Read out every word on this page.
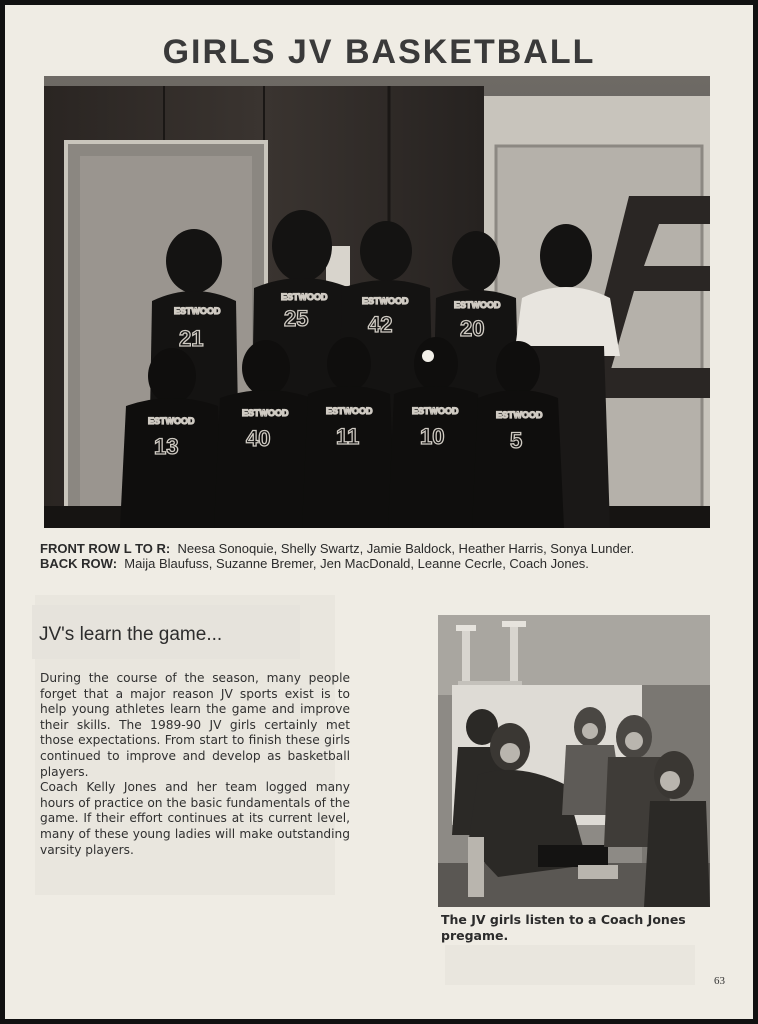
GIRLS JV BASKETBALL
ESTWOOD
21
ESTWOOD
25
ESTWOOD
42
ESTWOOD
20
ESTWOOD
13
ESTWOOD
40
ESTWOOD
11
ESTWOOD
10
ESTWOOD
5
FRONT ROW L TO R: Neesa Sonoquie, Shelly Swartz, Jamie Baldock, Heather Harris, Sonya Lunder.
BACK ROW: Maija Blaufuss, Suzanne Bremer, Jen MacDonald, Leanne Cecrle, Coach Jones.
JV's learn the game...

During the course of the season, many people forget that a major reason JV sports exist is to help young athletes learn the game and improve their skills. The 1989-90 JV girls certainly met those expectations. From start to finish these girls continued to improve and develop as basketball players.

Coach Kelly Jones and her team logged many hours of practice on the basic fundamentals of the game. If their effort continues at its current level, many of these young ladies will make outstanding varsity players.

The JV girls listen to a Coach Jones pregame.
63
